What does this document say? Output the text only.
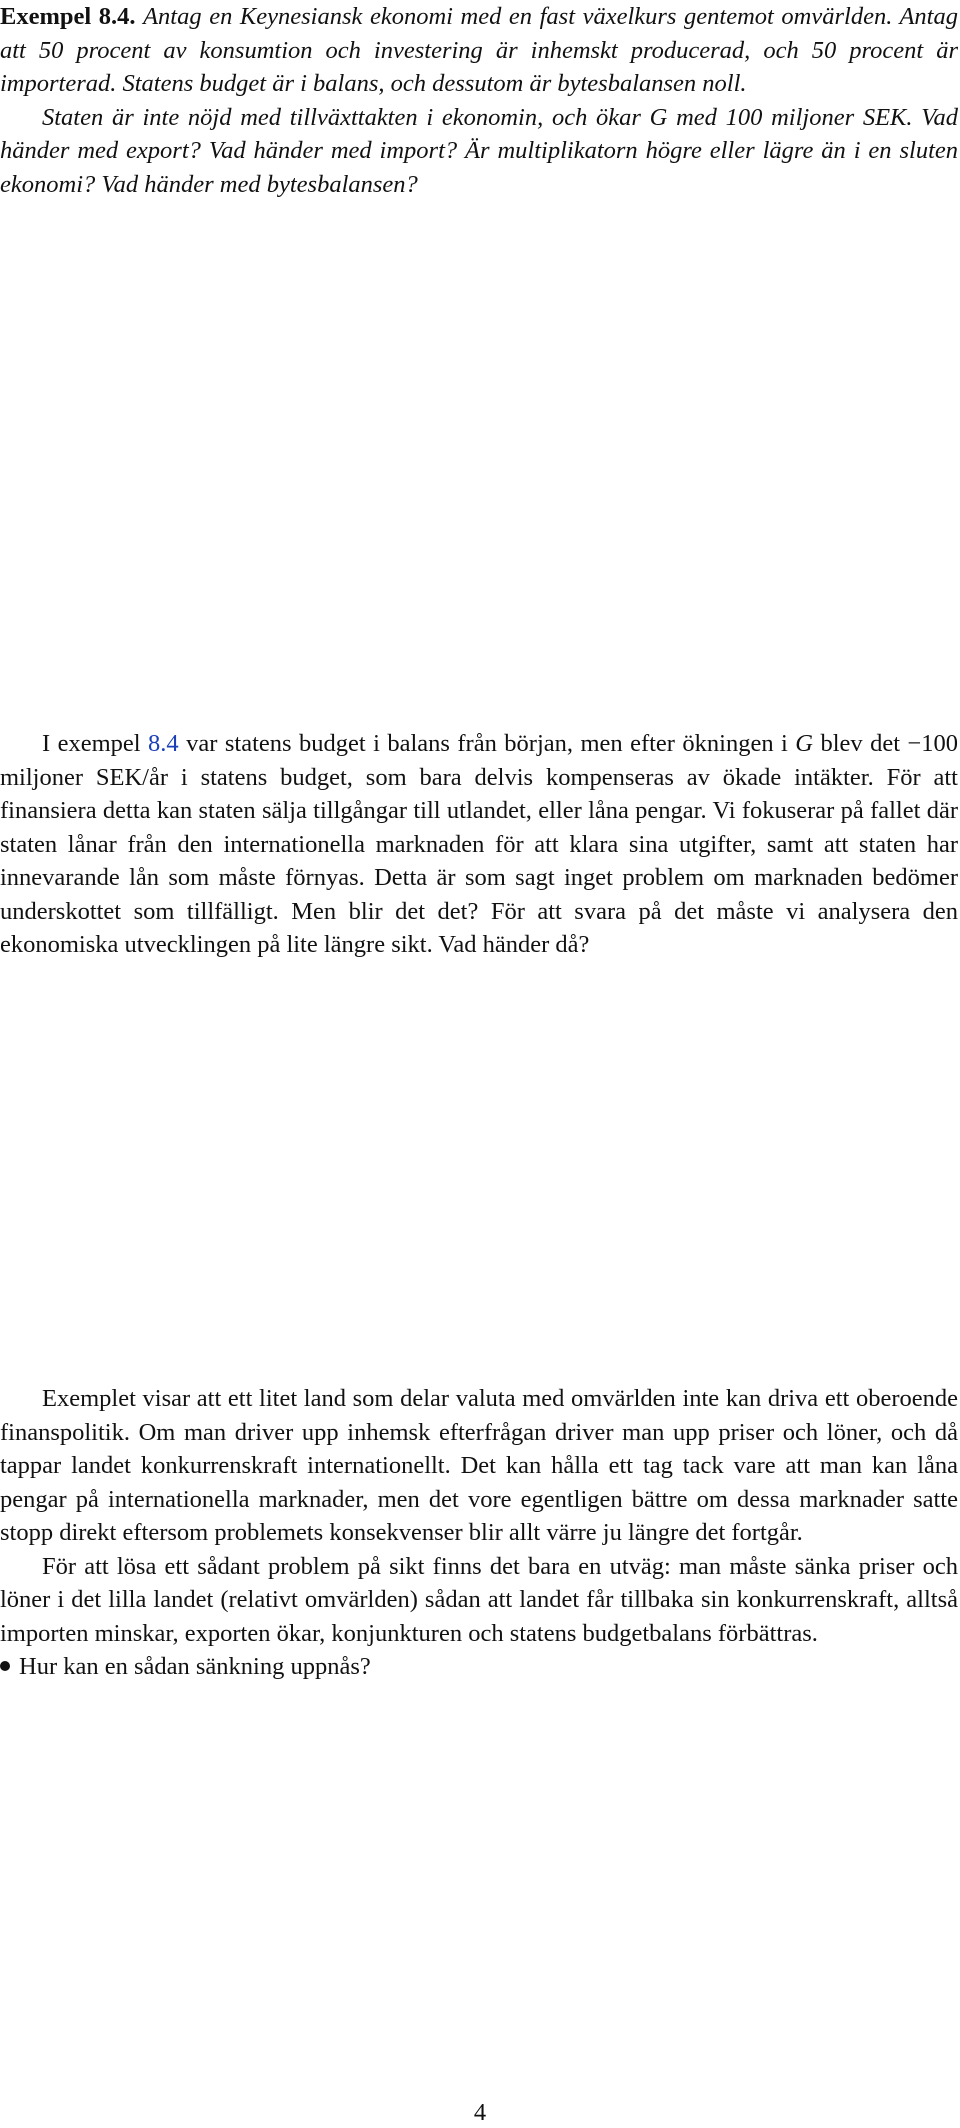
Exempel 8.4. Antag en Keynesiansk ekonomi med en fast växelkurs gentemot omvärlden. Antag att 50 procent av konsumtion och investering är inhemskt producerad, och 50 procent är importerad. Statens budget är i balans, och dessutom är bytesbalansen noll.

Staten är inte nöjd med tillväxttakten i ekonomin, och ökar G med 100 miljoner SEK. Vad händer med export? Vad händer med import? Är multiplikatorn högre eller lägre än i en sluten ekonomi? Vad händer med bytesbalansen?

I exempel 8.4 var statens budget i balans från början, men efter ökningen i G blev det −100 miljoner SEK/år i statens budget, som bara delvis kompenseras av ökade intäkter. För att finansiera detta kan staten sälja tillgångar till utlandet, eller låna pengar. Vi fokuserar på fallet där staten lånar från den internationella marknaden för att klara sina utgifter, samt att staten har innevarande lån som måste förnyas. Detta är som sagt inget problem om marknaden bedömer underskottet som tillfälligt. Men blir det det? För att svara på det måste vi analysera den ekonomiska utvecklingen på lite längre sikt. Vad händer då?

Exemplet visar att ett litet land som delar valuta med omvärlden inte kan driva ett oberoende finanspolitik. Om man driver upp inhemsk efterfrågan driver man upp priser och löner, och då tappar landet konkurrenskraft internationellt. Det kan hålla ett tag tack vare att man kan låna pengar på internationella marknader, men det vore egentligen bättre om dessa marknader satte stopp direkt eftersom problemets konsekvenser blir allt värre ju längre det fortgår.

För att lösa ett sådant problem på sikt finns det bara en utväg: man måste sänka priser och löner i det lilla landet (relativt omvärlden) sådan att landet får tillbaka sin konkurrenskraft, alltså importen minskar, exporten ökar, konjunkturen och statens budgetbalans förbättras.

Hur kan en sådan sänkning uppnås?

4
